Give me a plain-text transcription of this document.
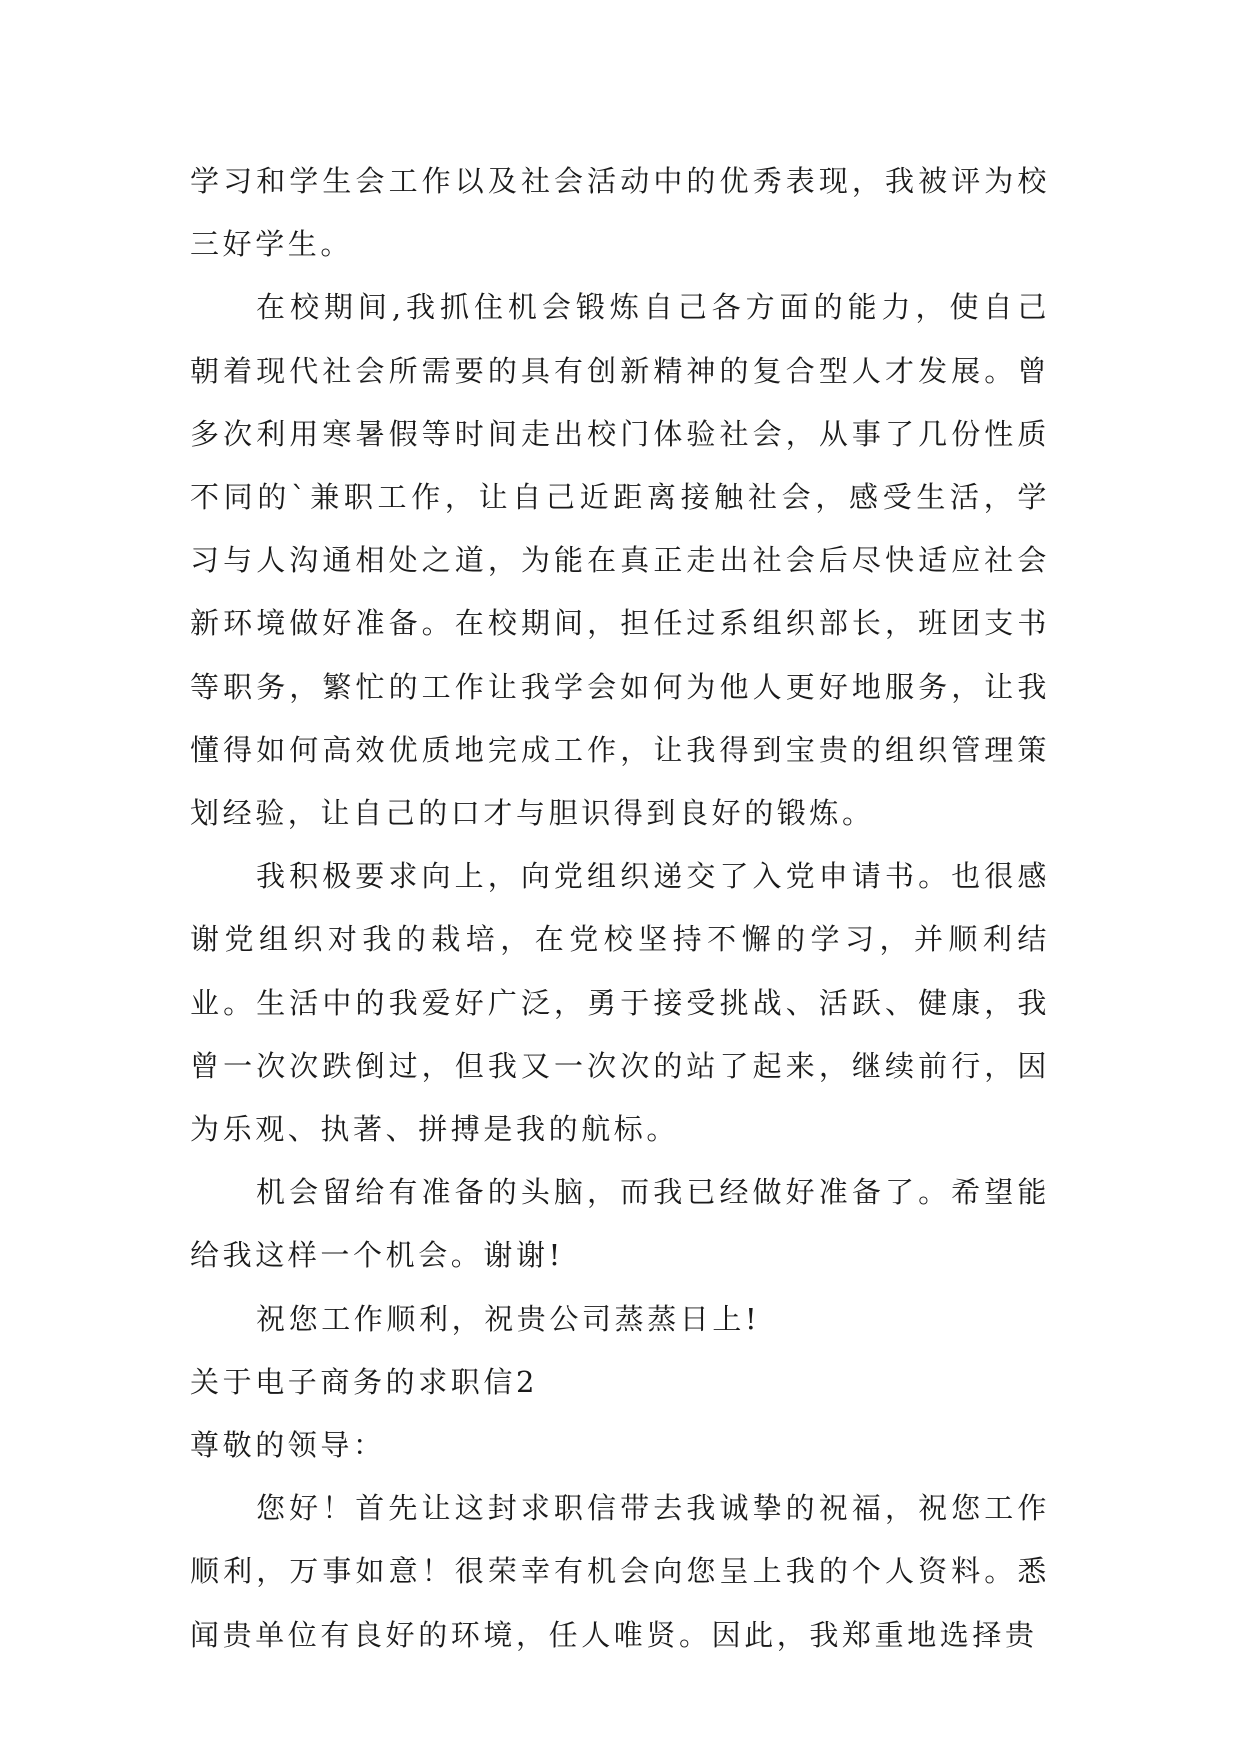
学习和学生会工作以及社会活动中的优秀表现，我被评为校三好学生。

在校期间,我抓住机会锻炼自己各方面的能力，使自己朝着现代社会所需要的具有创新精神的复合型人才发展。曾多次利用寒暑假等时间走出校门体验社会，从事了几份性质不同的`兼职工作，让自己近距离接触社会，感受生活，学习与人沟通相处之道，为能在真正走出社会后尽快适应社会新环境做好准备。在校期间，担任过系组织部长，班团支书等职务，繁忙的工作让我学会如何为他人更好地服务，让我懂得如何高效优质地完成工作，让我得到宝贵的组织管理策划经验，让自己的口才与胆识得到良好的锻炼。

我积极要求向上，向党组织递交了入党申请书。也很感谢党组织对我的栽培，在党校坚持不懈的学习，并顺利结业。生活中的我爱好广泛，勇于接受挑战、活跃、健康，我曾一次次跌倒过，但我又一次次的站了起来，继续前行，因为乐观、执著、拼搏是我的航标。

机会留给有准备的头脑，而我已经做好准备了。希望能给我这样一个机会。谢谢!

祝您工作顺利，祝贵公司蒸蒸日上!

关于电子商务的求职信2

尊敬的领导：

您好！首先让这封求职信带去我诚挚的祝福，祝您工作顺利，万事如意！很荣幸有机会向您呈上我的个人资料。悉闻贵单位有良好的环境，任人唯贤。因此，我郑重地选择贵
